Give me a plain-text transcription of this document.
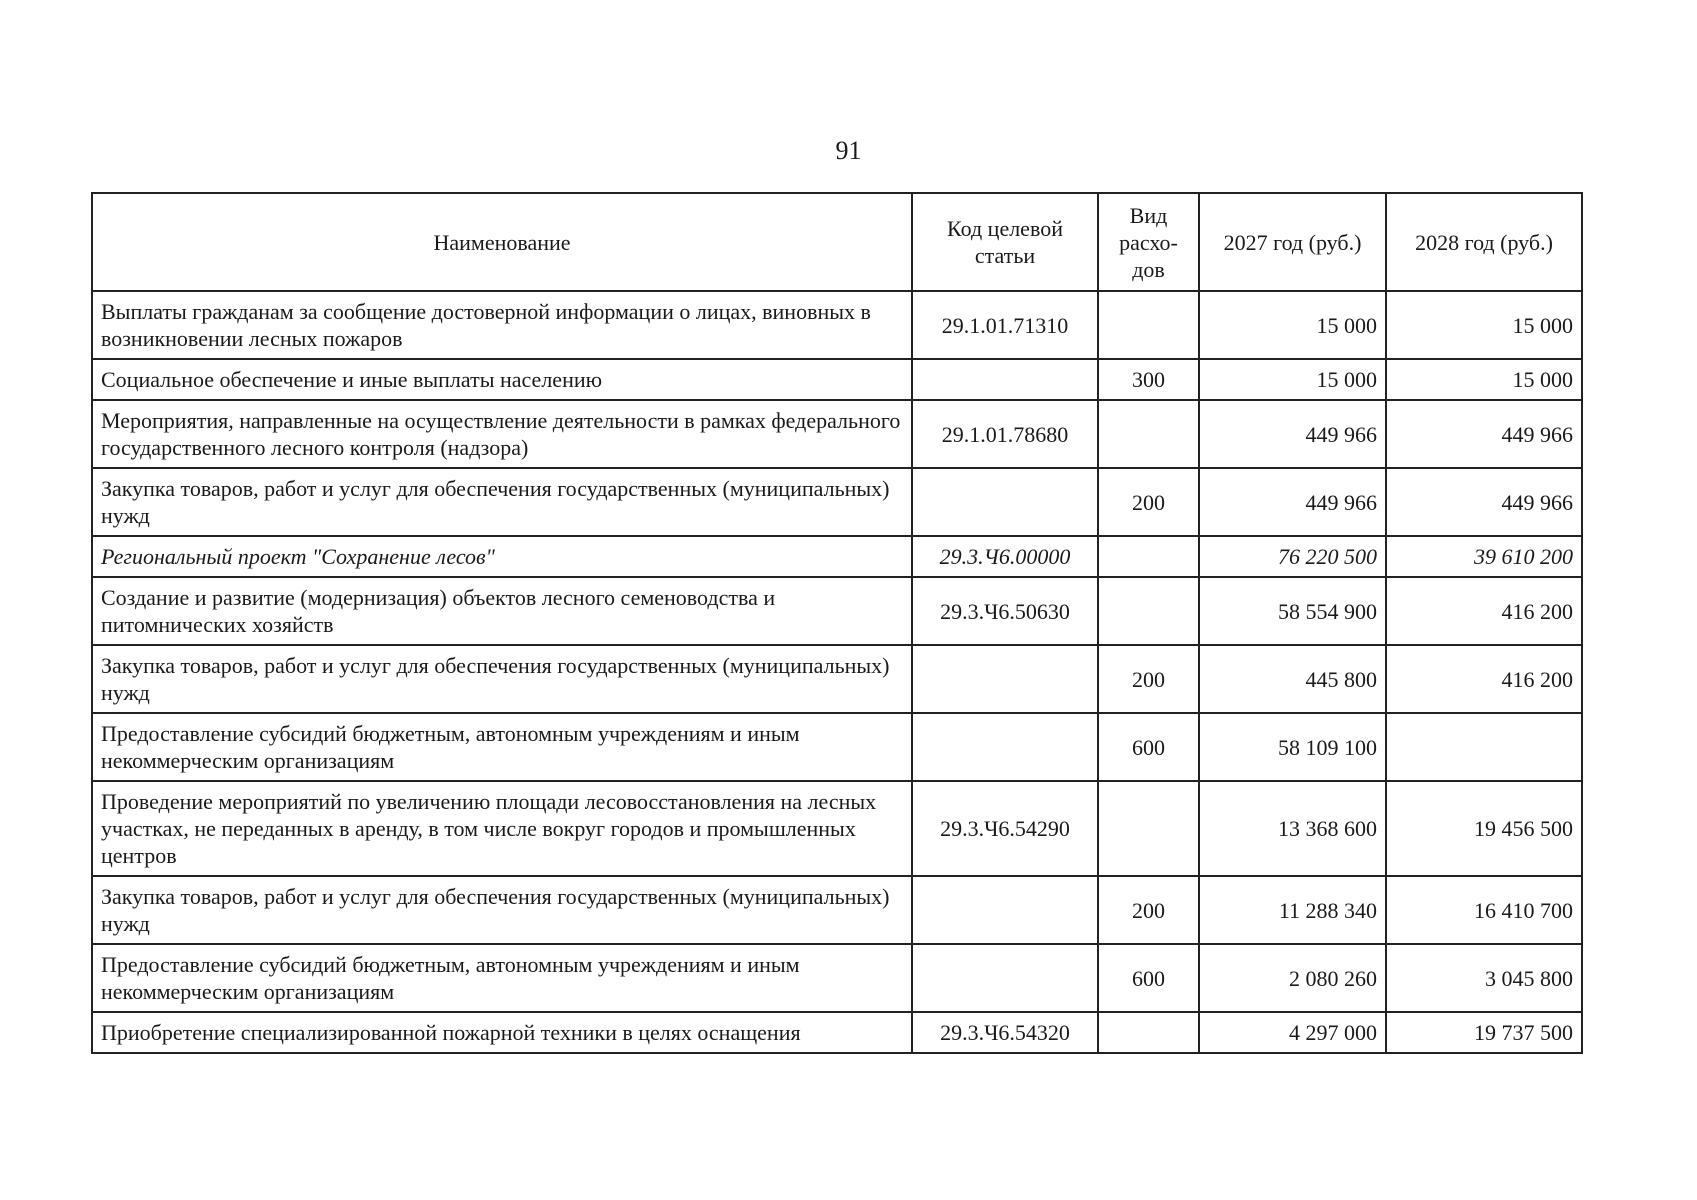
91
Наименование	Код целевой статьи	Вид расхо-дов	2027 год (руб.)	2028 год (руб.)
Выплаты гражданам за сообщение достоверной информации о лицах, виновных в возникновении лесных пожаров	29.1.01.71310		15 000	15 000
Социальное обеспечение и иные выплаты населению		300	15 000	15 000
Мероприятия, направленные на осуществление деятельности в рамках федерального государственного лесного контроля (надзора)	29.1.01.78680		449 966	449 966
Закупка товаров, работ и услуг для обеспечения государственных (муниципальных) нужд		200	449 966	449 966
Региональный проект "Сохранение лесов"	29.3.Ч6.00000		76 220 500	39 610 200
Создание и развитие (модернизация) объектов лесного семеноводства и питомнических хозяйств	29.3.Ч6.50630		58 554 900	416 200
Закупка товаров, работ и услуг для обеспечения государственных (муниципальных) нужд		200	445 800	416 200
Предоставление субсидий бюджетным, автономным учреждениям и иным некоммерческим организациям		600	58 109 100	
Проведение мероприятий по увеличению площади лесовосстановления на лесных участках, не переданных в аренду, в том числе вокруг городов и промышленных центров	29.3.Ч6.54290		13 368 600	19 456 500
Закупка товаров, работ и услуг для обеспечения государственных (муниципальных) нужд		200	11 288 340	16 410 700
Предоставление субсидий бюджетным, автономным учреждениям и иным некоммерческим организациям		600	2 080 260	3 045 800
Приобретение специализированной пожарной техники в целях оснащения	29.3.Ч6.54320		4 297 000	19 737 500
